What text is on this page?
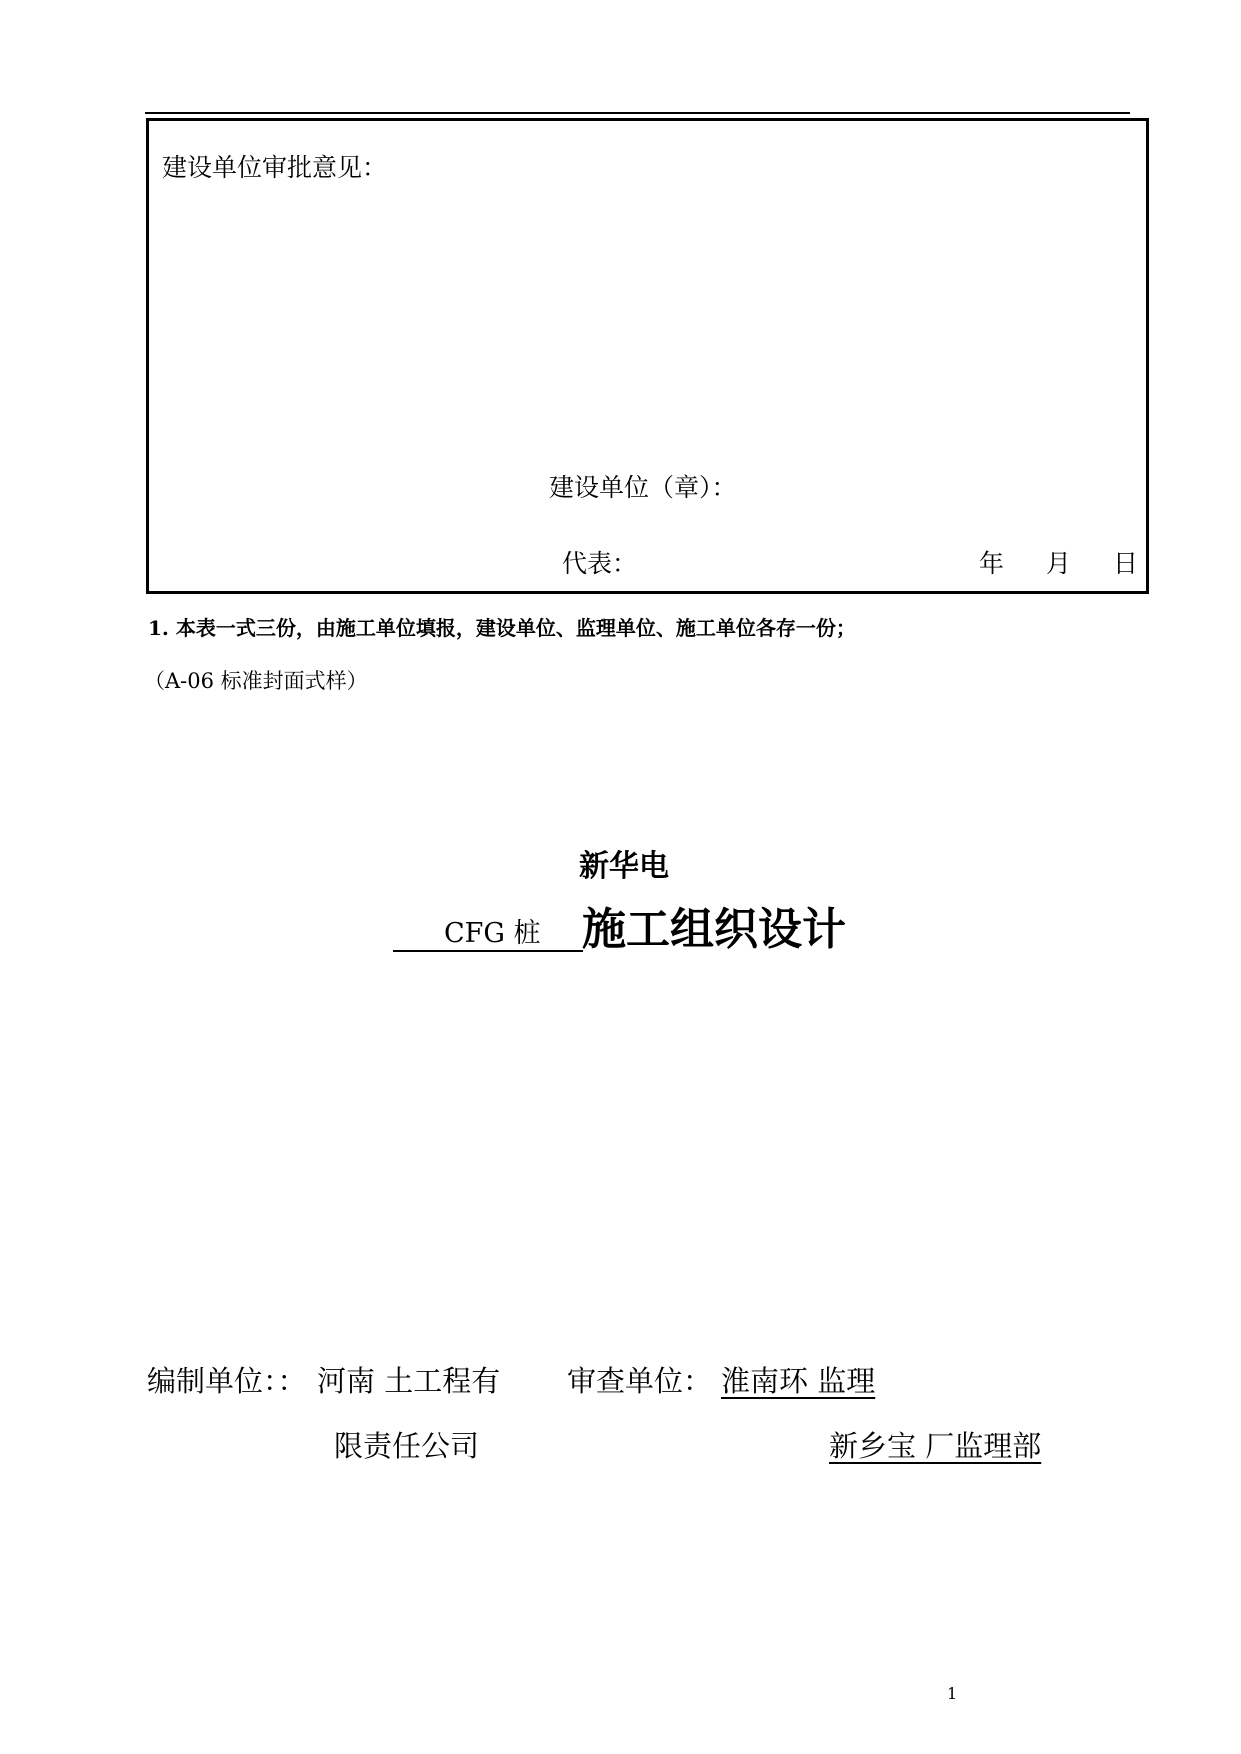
建设单位审批意见：
建设单位（章）：
代表：	年 月 日
1. 本表一式三份，由施工单位填报，建设单位、监理单位、施工单位各存一份；
（A-06 标准封面式样）
新华电
CFG 桩 施工组织设计
编制单位：： 河南 土工程有
限责任公司
审查单位： 淮南环 监理
新乡宝 厂监理部
1
